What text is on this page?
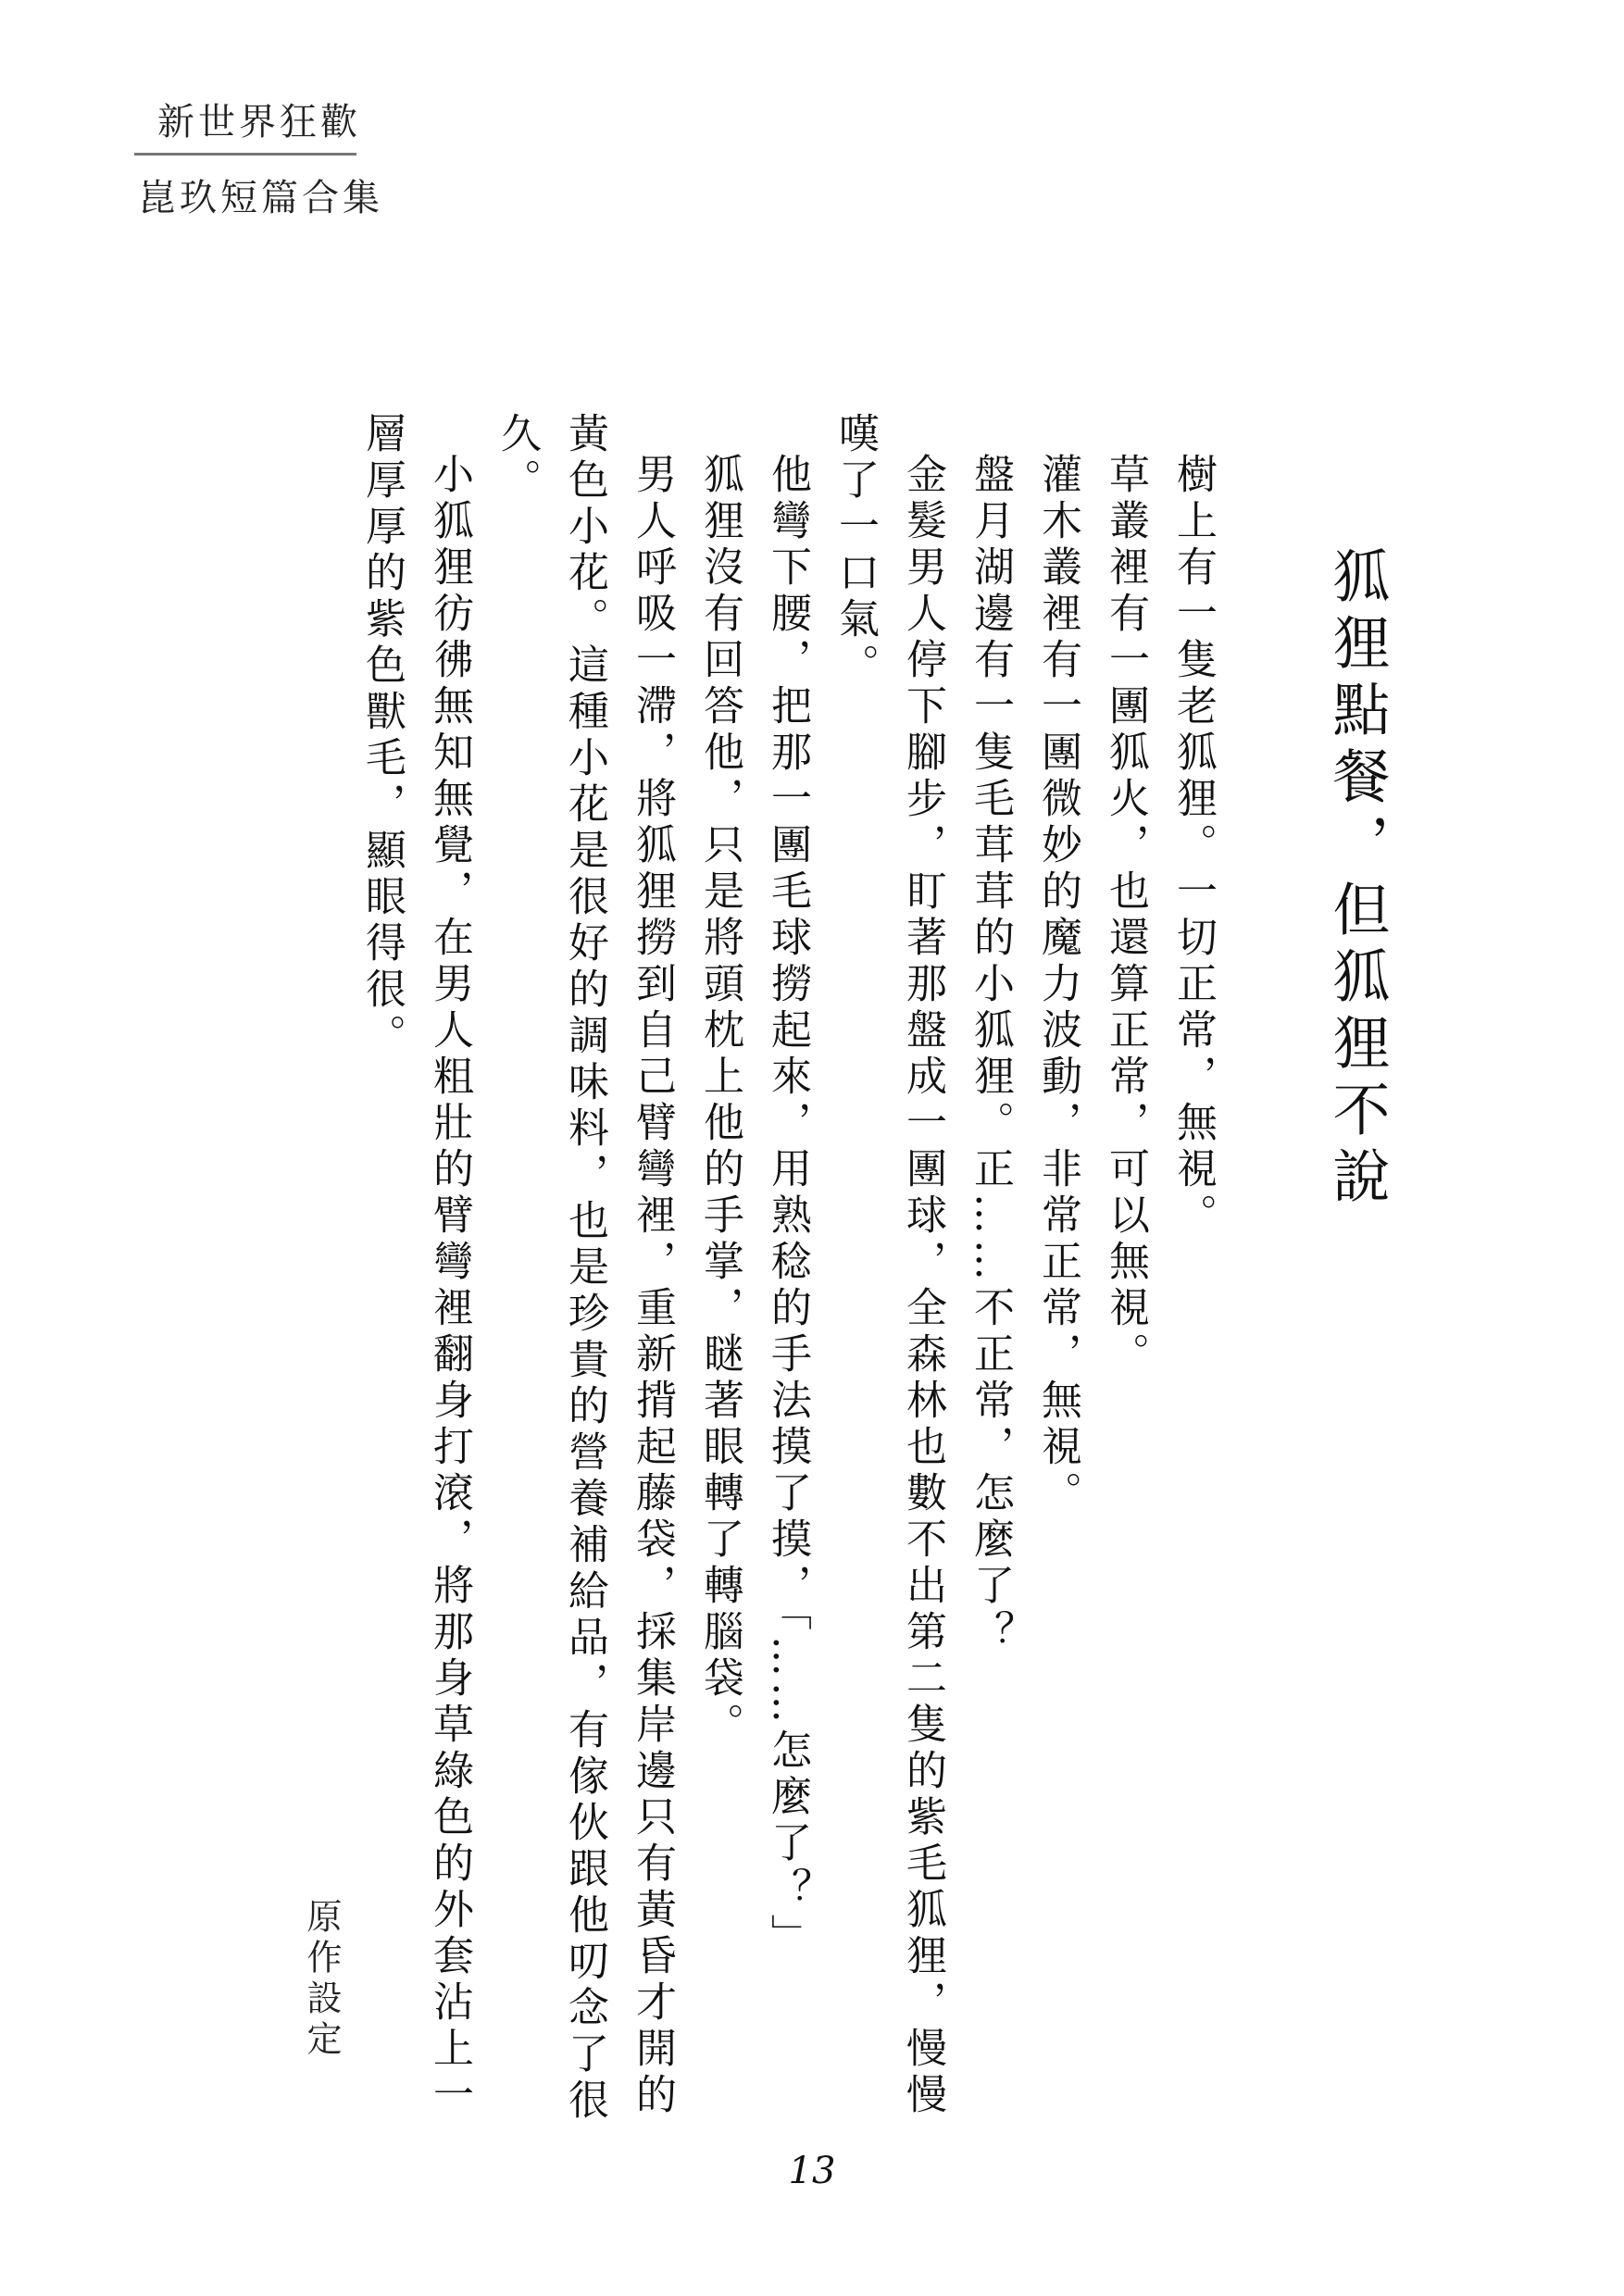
新世界狂歡
崑玖短篇合集
狐狸點餐，但狐狸不說

樹上有一隻老狐狸。一切正常，無視。

草叢裡有一團狐火，也還算正常，可以無視。

灌木叢裡有一團微妙的魔力波動，非常正常，無視。

盤月湖邊有一隻毛茸茸的小狐狸。正……不正常，怎麼了？

金髮男人停下腳步，盯著那盤成一團球，全森林也數不出第二隻的紫毛狐狸，慢慢嘆了一口氣。

他彎下腰，把那一團毛球撈起來，用熟稔的手法摸了摸，「……怎麼了？」

狐狸沒有回答他，只是將頭枕上他的手掌，瞇著眼轉了轉腦袋。

男人呼吸一滯，將狐狸撈到自己臂彎裡，重新揹起藤袋，採集岸邊只有黃昏才開的黃色小花。這種小花是很好的調味料，也是珍貴的營養補給品，有傢伙跟他叨念了很久。

小狐狸彷彿無知無覺，在男人粗壯的臂彎裡翻身打滾，將那身草綠色的外套沾上一層厚厚的紫色獸毛，顯眼得很。

原作設定
13
